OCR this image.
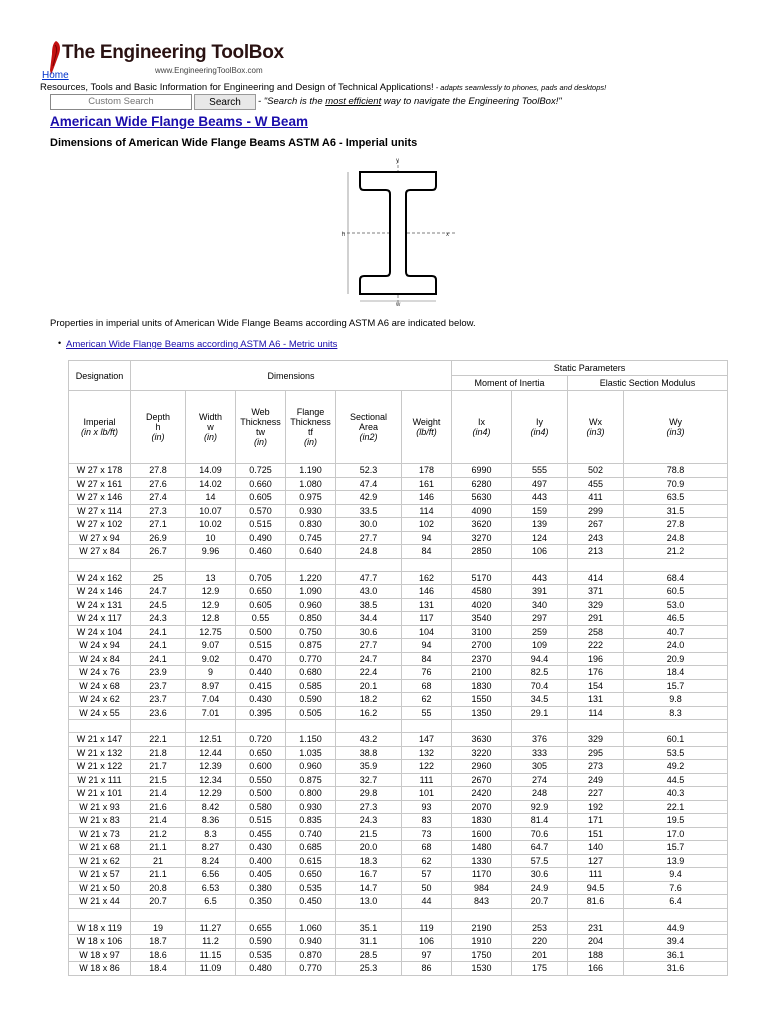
The Engineering ToolBox
Home	www.EngineeringToolBox.com
Resources, Tools and Basic Information for Engineering and Design of Technical Applications! - adapts seamlessly to phones, pads and desktops!
Custom Search
Search	- "Search is the most efficient way to navigate the Engineering ToolBox!"
American Wide Flange Beams - W Beam
Dimensions of American Wide Flange Beams ASTM A6 - Imperial units
y
x
h
w
Properties in imperial units of American Wide Flange Beams according ASTM A6 are indicated below.
• American Wide Flange Beams according ASTM A6 - Metric units
Designation	Dimensions						Static Parameters			
							Moment of Inertia		Elastic Section Modulus	
Imperial
(in x lb/ft)	Depth
h
(in)	Width
w
(in)	Web
Thickness
tw
(in)	Flange
Thickness
tf
(in)	Sectional
Area
(in2)	Weight
(lb/ft)	Ix
(in4)	Iy
(in4)	Wx
(in3)	Wy
(in3)
W 27 x 178	27.8	14.09	0.725	1.190	52.3	178	6990	555	502	78.8
W 27 x 161	27.6	14.02	0.660	1.080	47.4	161	6280	497	455	70.9
W 27 x 146	27.4	14	0.605	0.975	42.9	146	5630	443	411	63.5
W 27 x 114	27.3	10.07	0.570	0.930	33.5	114	4090	159	299	31.5
W 27 x 102	27.1	10.02	0.515	0.830	30.0	102	3620	139	267	27.8
W 27 x 94	26.9	10	0.490	0.745	27.7	94	3270	124	243	24.8
W 27 x 84	26.7	9.96	0.460	0.640	24.8	84	2850	106	213	21.2

W 24 x 162	25	13	0.705	1.220	47.7	162	5170	443	414	68.4
W 24 x 146	24.7	12.9	0.650	1.090	43.0	146	4580	391	371	60.5
W 24 x 131	24.5	12.9	0.605	0.960	38.5	131	4020	340	329	53.0
W 24 x 117	24.3	12.8	0.55	0.850	34.4	117	3540	297	291	46.5
W 24 x 104	24.1	12.75	0.500	0.750	30.6	104	3100	259	258	40.7
W 24 x 94	24.1	9.07	0.515	0.875	27.7	94	2700	109	222	24.0
W 24 x 84	24.1	9.02	0.470	0.770	24.7	84	2370	94.4	196	20.9
W 24 x 76	23.9	9	0.440	0.680	22.4	76	2100	82.5	176	18.4
W 24 x 68	23.7	8.97	0.415	0.585	20.1	68	1830	70.4	154	15.7
W 24 x 62	23.7	7.04	0.430	0.590	18.2	62	1550	34.5	131	9.8
W 24 x 55	23.6	7.01	0.395	0.505	16.2	55	1350	29.1	114	8.3

W 21 x 147	22.1	12.51	0.720	1.150	43.2	147	3630	376	329	60.1
W 21 x 132	21.8	12.44	0.650	1.035	38.8	132	3220	333	295	53.5
W 21 x 122	21.7	12.39	0.600	0.960	35.9	122	2960	305	273	49.2
W 21 x 111	21.5	12.34	0.550	0.875	32.7	111	2670	274	249	44.5
W 21 x 101	21.4	12.29	0.500	0.800	29.8	101	2420	248	227	40.3
W 21 x 93	21.6	8.42	0.580	0.930	27.3	93	2070	92.9	192	22.1
W 21 x 83	21.4	8.36	0.515	0.835	24.3	83	1830	81.4	171	19.5
W 21 x 73	21.2	8.3	0.455	0.740	21.5	73	1600	70.6	151	17.0
W 21 x 68	21.1	8.27	0.430	0.685	20.0	68	1480	64.7	140	15.7
W 21 x 62	21	8.24	0.400	0.615	18.3	62	1330	57.5	127	13.9
W 21 x 57	21.1	6.56	0.405	0.650	16.7	57	1170	30.6	111	9.4
W 21 x 50	20.8	6.53	0.380	0.535	14.7	50	984	24.9	94.5	7.6
W 21 x 44	20.7	6.5	0.350	0.450	13.0	44	843	20.7	81.6	6.4

W 18 x 119	19	11.27	0.655	1.060	35.1	119	2190	253	231	44.9
W 18 x 106	18.7	11.2	0.590	0.940	31.1	106	1910	220	204	39.4
W 18 x 97	18.6	11.15	0.535	0.870	28.5	97	1750	201	188	36.1
W 18 x 86	18.4	11.09	0.480	0.770	25.3	86	1530	175	166	31.6
